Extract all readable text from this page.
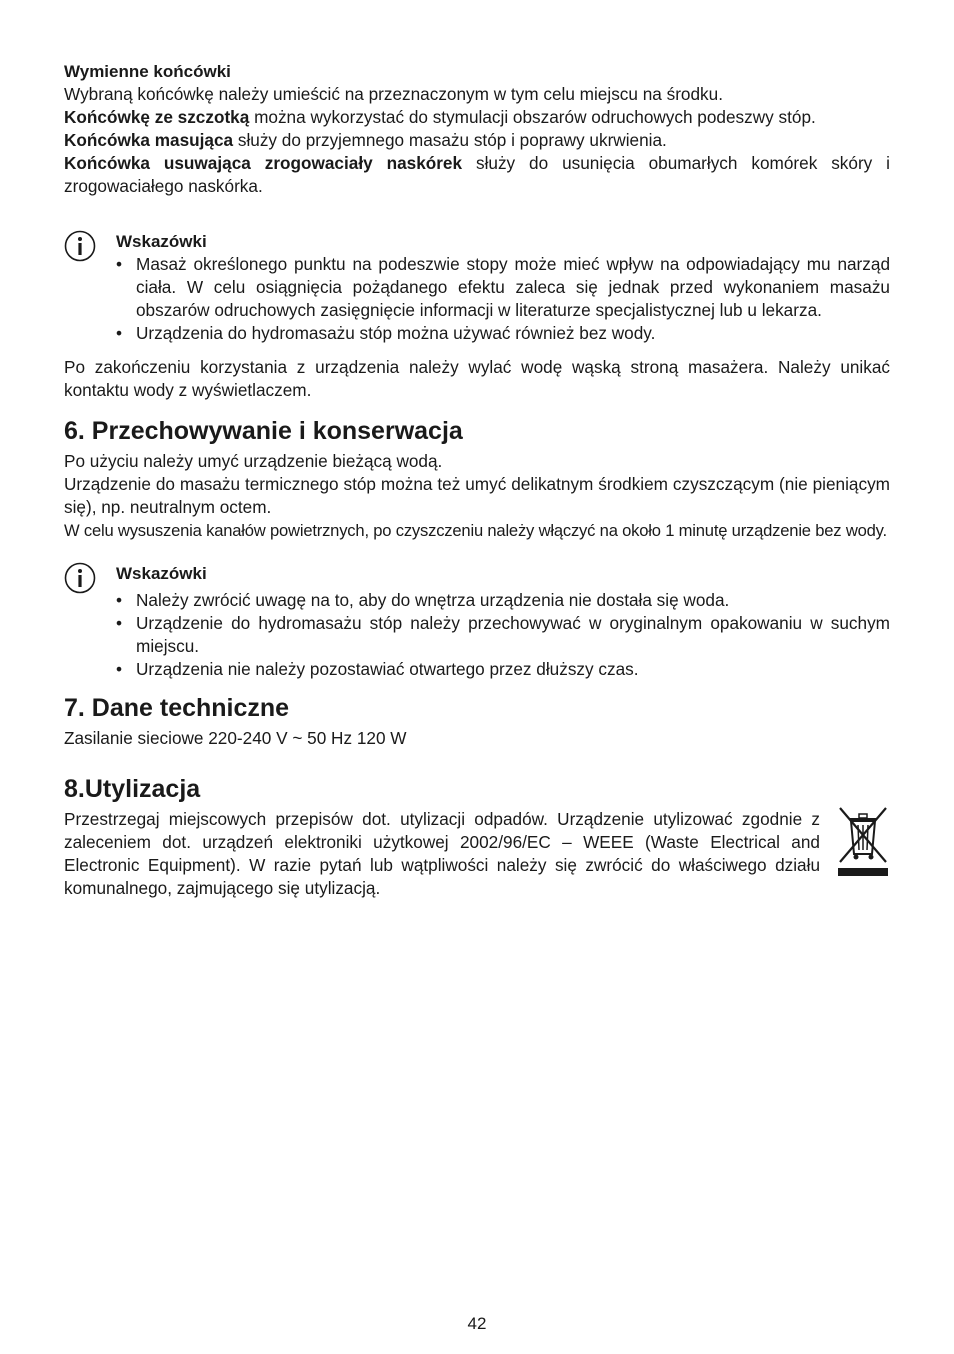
Wymienne końcówki

Wybraną końcówkę należy umieścić na przeznaczonym w tym celu miejscu na środku.

Końcówkę ze szczotką można wykorzystać do stymulacji obszarów odruchowych podeszwy stóp.

Końcówka masująca służy do przyjemnego masażu stóp i poprawy ukrwienia.

Końcówka usuwająca zrogowaciały naskórek służy do usunięcia obumarłych komórek skóry i zrogowaciałego naskórka.

Wskazówki
• Masaż określonego punktu na podeszwie stopy może mieć wpływ na odpowiadający mu narząd ciała. W celu osiągnięcia pożądanego efektu zaleca się jednak przed wykonaniem masażu obszarów odruchowych zasięgnięcie informacji w literaturze specjalistycznej lub u lekarza.
• Urządzenia do hydromasażu stóp można używać również bez wody.

Po zakończeniu korzystania z urządzenia należy wylać wodę wąską stroną masażera. Należy unikać kontaktu wody z wyświetlaczem.

6. Przechowywanie i konserwacja

Po użyciu należy umyć urządzenie bieżącą wodą.

Urządzenie do masażu termicznego stóp można też umyć delikatnym środkiem czyszczącym (nie pieniącym się), np. neutralnym octem.

W celu wysuszenia kanałów powietrznych, po czyszczeniu należy włączyć na około 1 minutę urządzenie bez wody.

Wskazówki
• Należy zwrócić uwagę na to, aby do wnętrza urządzenia nie dostała się woda.
• Urządzenie do hydromasażu stóp należy przechowywać w oryginalnym opakowaniu w suchym miejscu.
• Urządzenia nie należy pozostawiać otwartego przez dłuższy czas.
7. Dane techniczne

Zasilanie sieciowe 220-240 V ~ 50 Hz 120 W

8.Utylizacja

Przestrzegaj miejscowych przepisów dot. utylizacji odpadów. Urządzenie utylizować zgodnie z zaleceniem dot. urządzeń elektroniki użytkowej 2002/96/EC – WEEE (Waste Electrical and Electronic Equipment). W razie pytań lub wątpliwości należy się zwrócić do właściwego działu komunalnego, zajmującego się utylizacją.

42
